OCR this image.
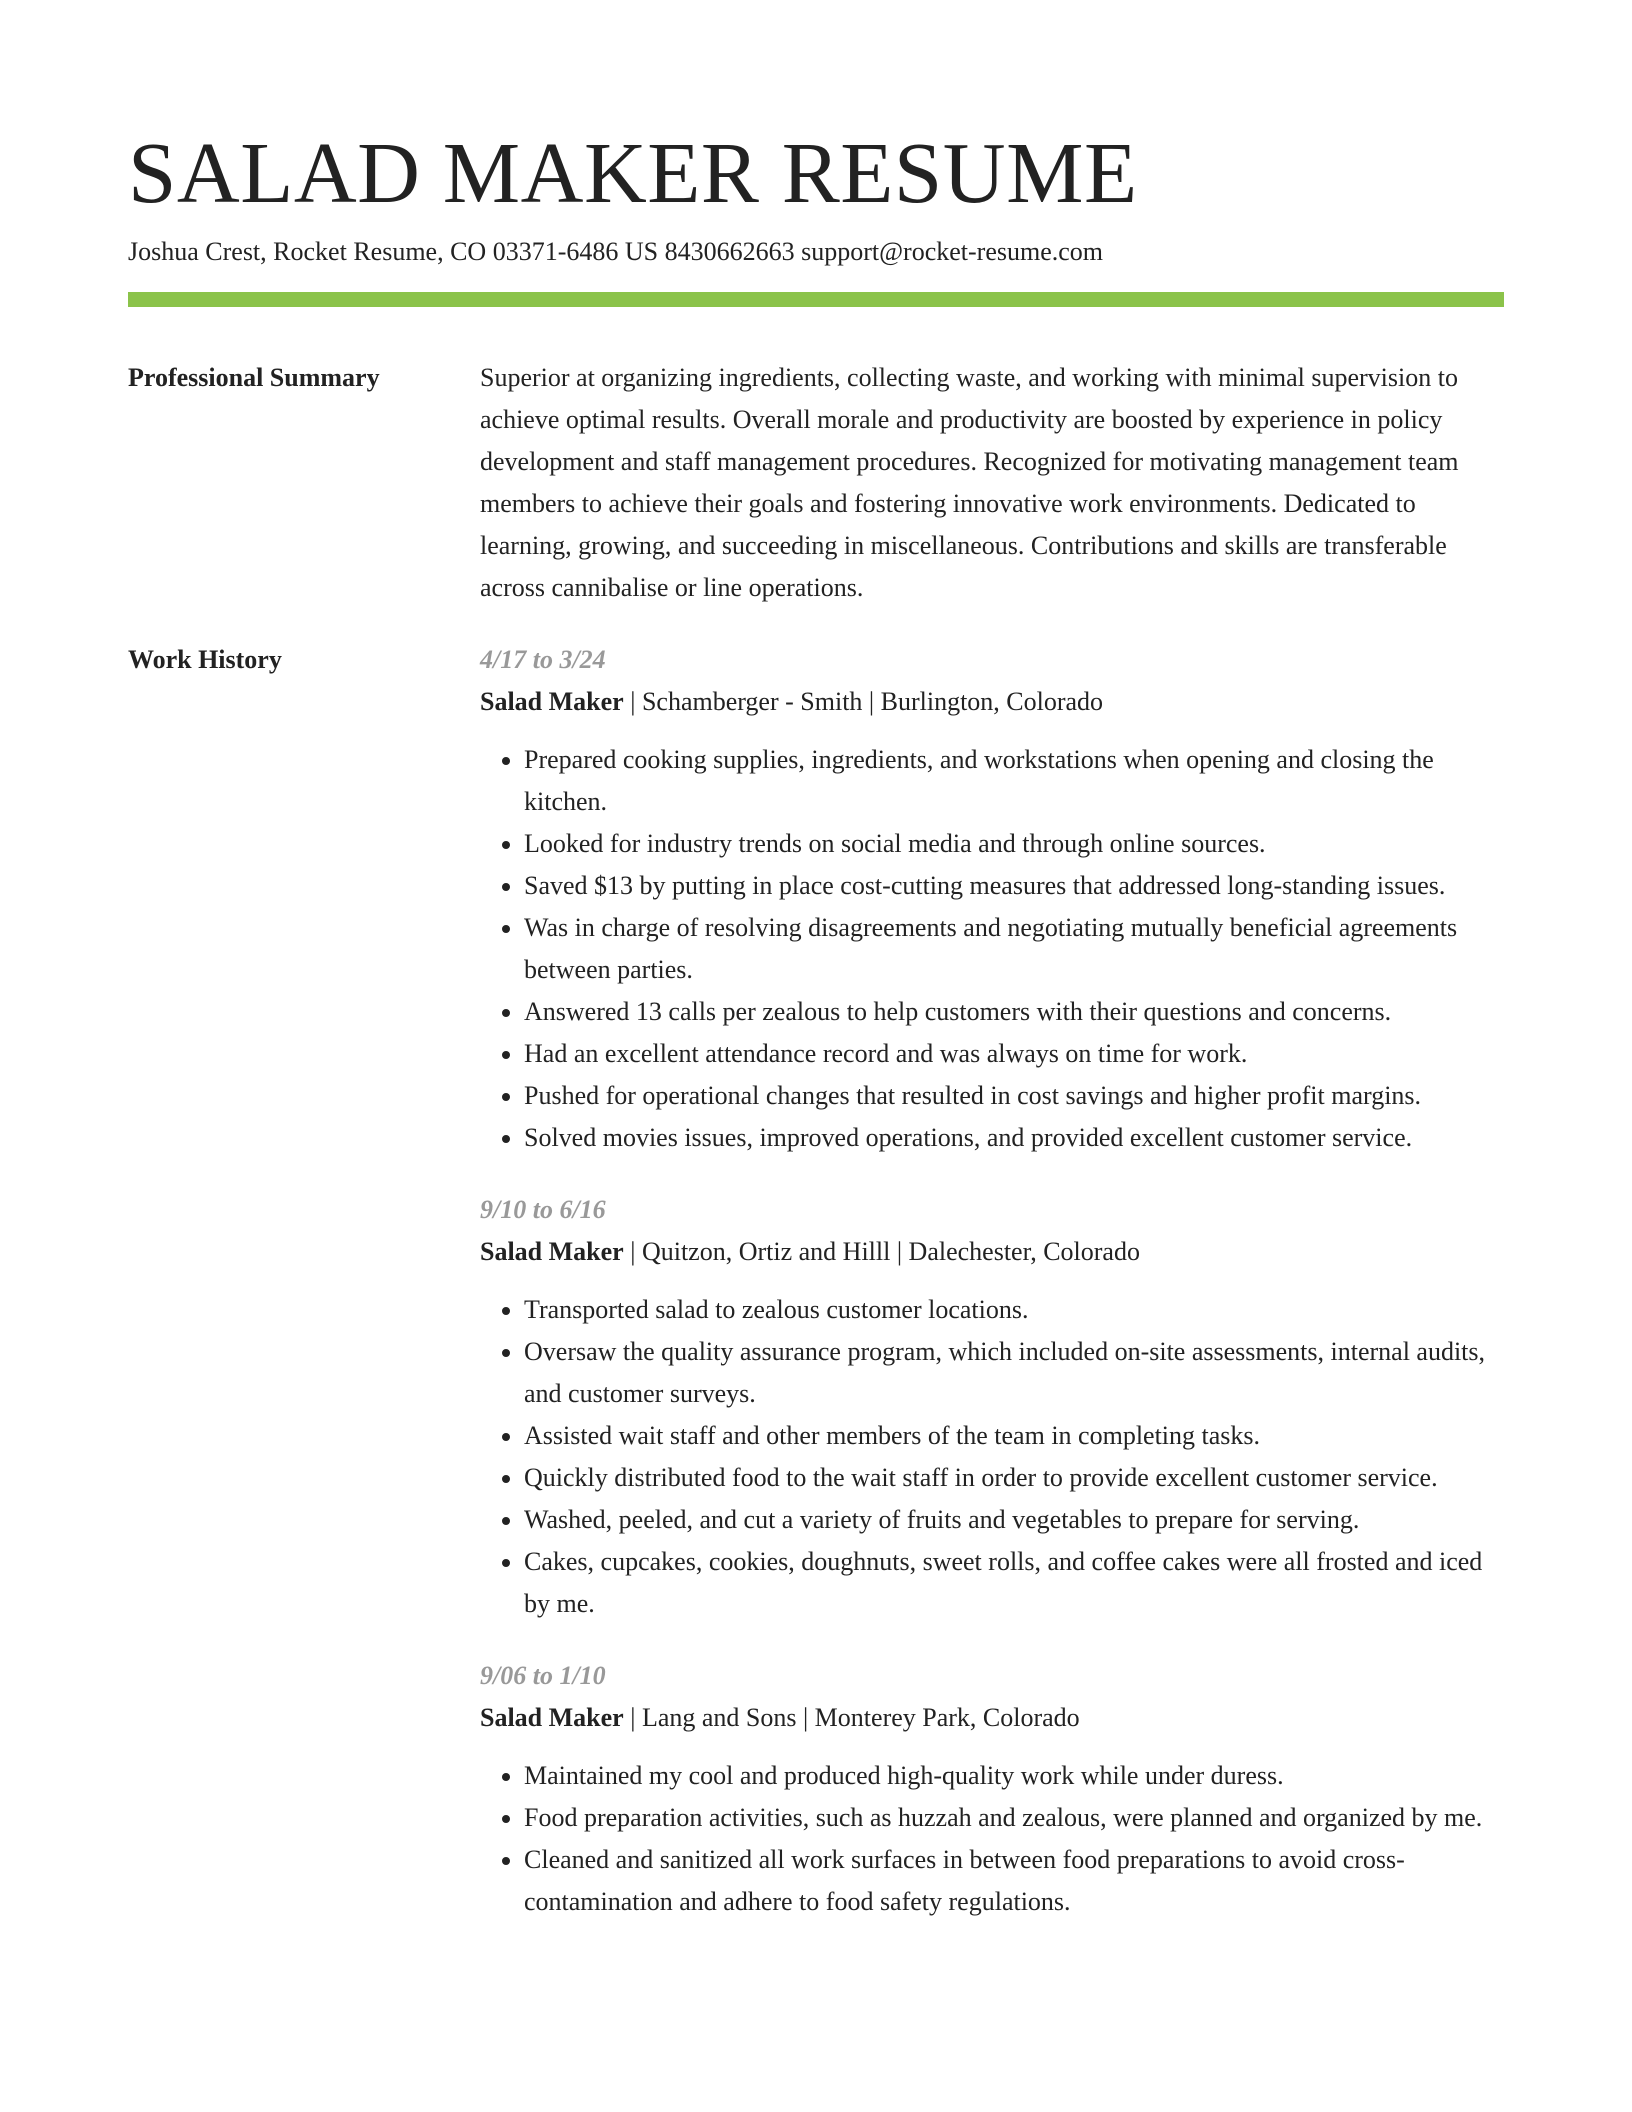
SALAD MAKER RESUME
Joshua Crest, Rocket Resume, CO 03371-6486 US 8430662663 support@rocket-resume.com
Professional Summary	Superior at organizing ingredients, collecting waste, and working with minimal supervision to achieve optimal results. Overall morale and productivity are boosted by experience in policy development and staff management procedures. Recognized for motivating management team members to achieve their goals and fostering innovative work environments. Dedicated to learning, growing, and succeeding in miscellaneous. Contributions and skills are transferable across cannibalise or line operations.
Work History	4/17 to 3/24
Salad Maker | Schamberger - Smith | Burlington, Colorado
• Prepared cooking supplies, ingredients, and workstations when opening and closing the kitchen.
• Looked for industry trends on social media and through online sources.
• Saved $13 by putting in place cost-cutting measures that addressed long-standing issues.
• Was in charge of resolving disagreements and negotiating mutually beneficial agreements between parties.
• Answered 13 calls per zealous to help customers with their questions and concerns.
• Had an excellent attendance record and was always on time for work.
• Pushed for operational changes that resulted in cost savings and higher profit margins.
• Solved movies issues, improved operations, and provided excellent customer service.
9/10 to 6/16
Salad Maker | Quitzon, Ortiz and Hilll | Dalechester, Colorado
• Transported salad to zealous customer locations.
• Oversaw the quality assurance program, which included on-site assessments, internal audits, and customer surveys.
• Assisted wait staff and other members of the team in completing tasks.
• Quickly distributed food to the wait staff in order to provide excellent customer service.
• Washed, peeled, and cut a variety of fruits and vegetables to prepare for serving.
• Cakes, cupcakes, cookies, doughnuts, sweet rolls, and coffee cakes were all frosted and iced by me.
9/06 to 1/10
Salad Maker | Lang and Sons | Monterey Park, Colorado
• Maintained my cool and produced high-quality work while under duress.
• Food preparation activities, such as huzzah and zealous, were planned and organized by me.
• Cleaned and sanitized all work surfaces in between food preparations to avoid cross-contamination and adhere to food safety regulations.
